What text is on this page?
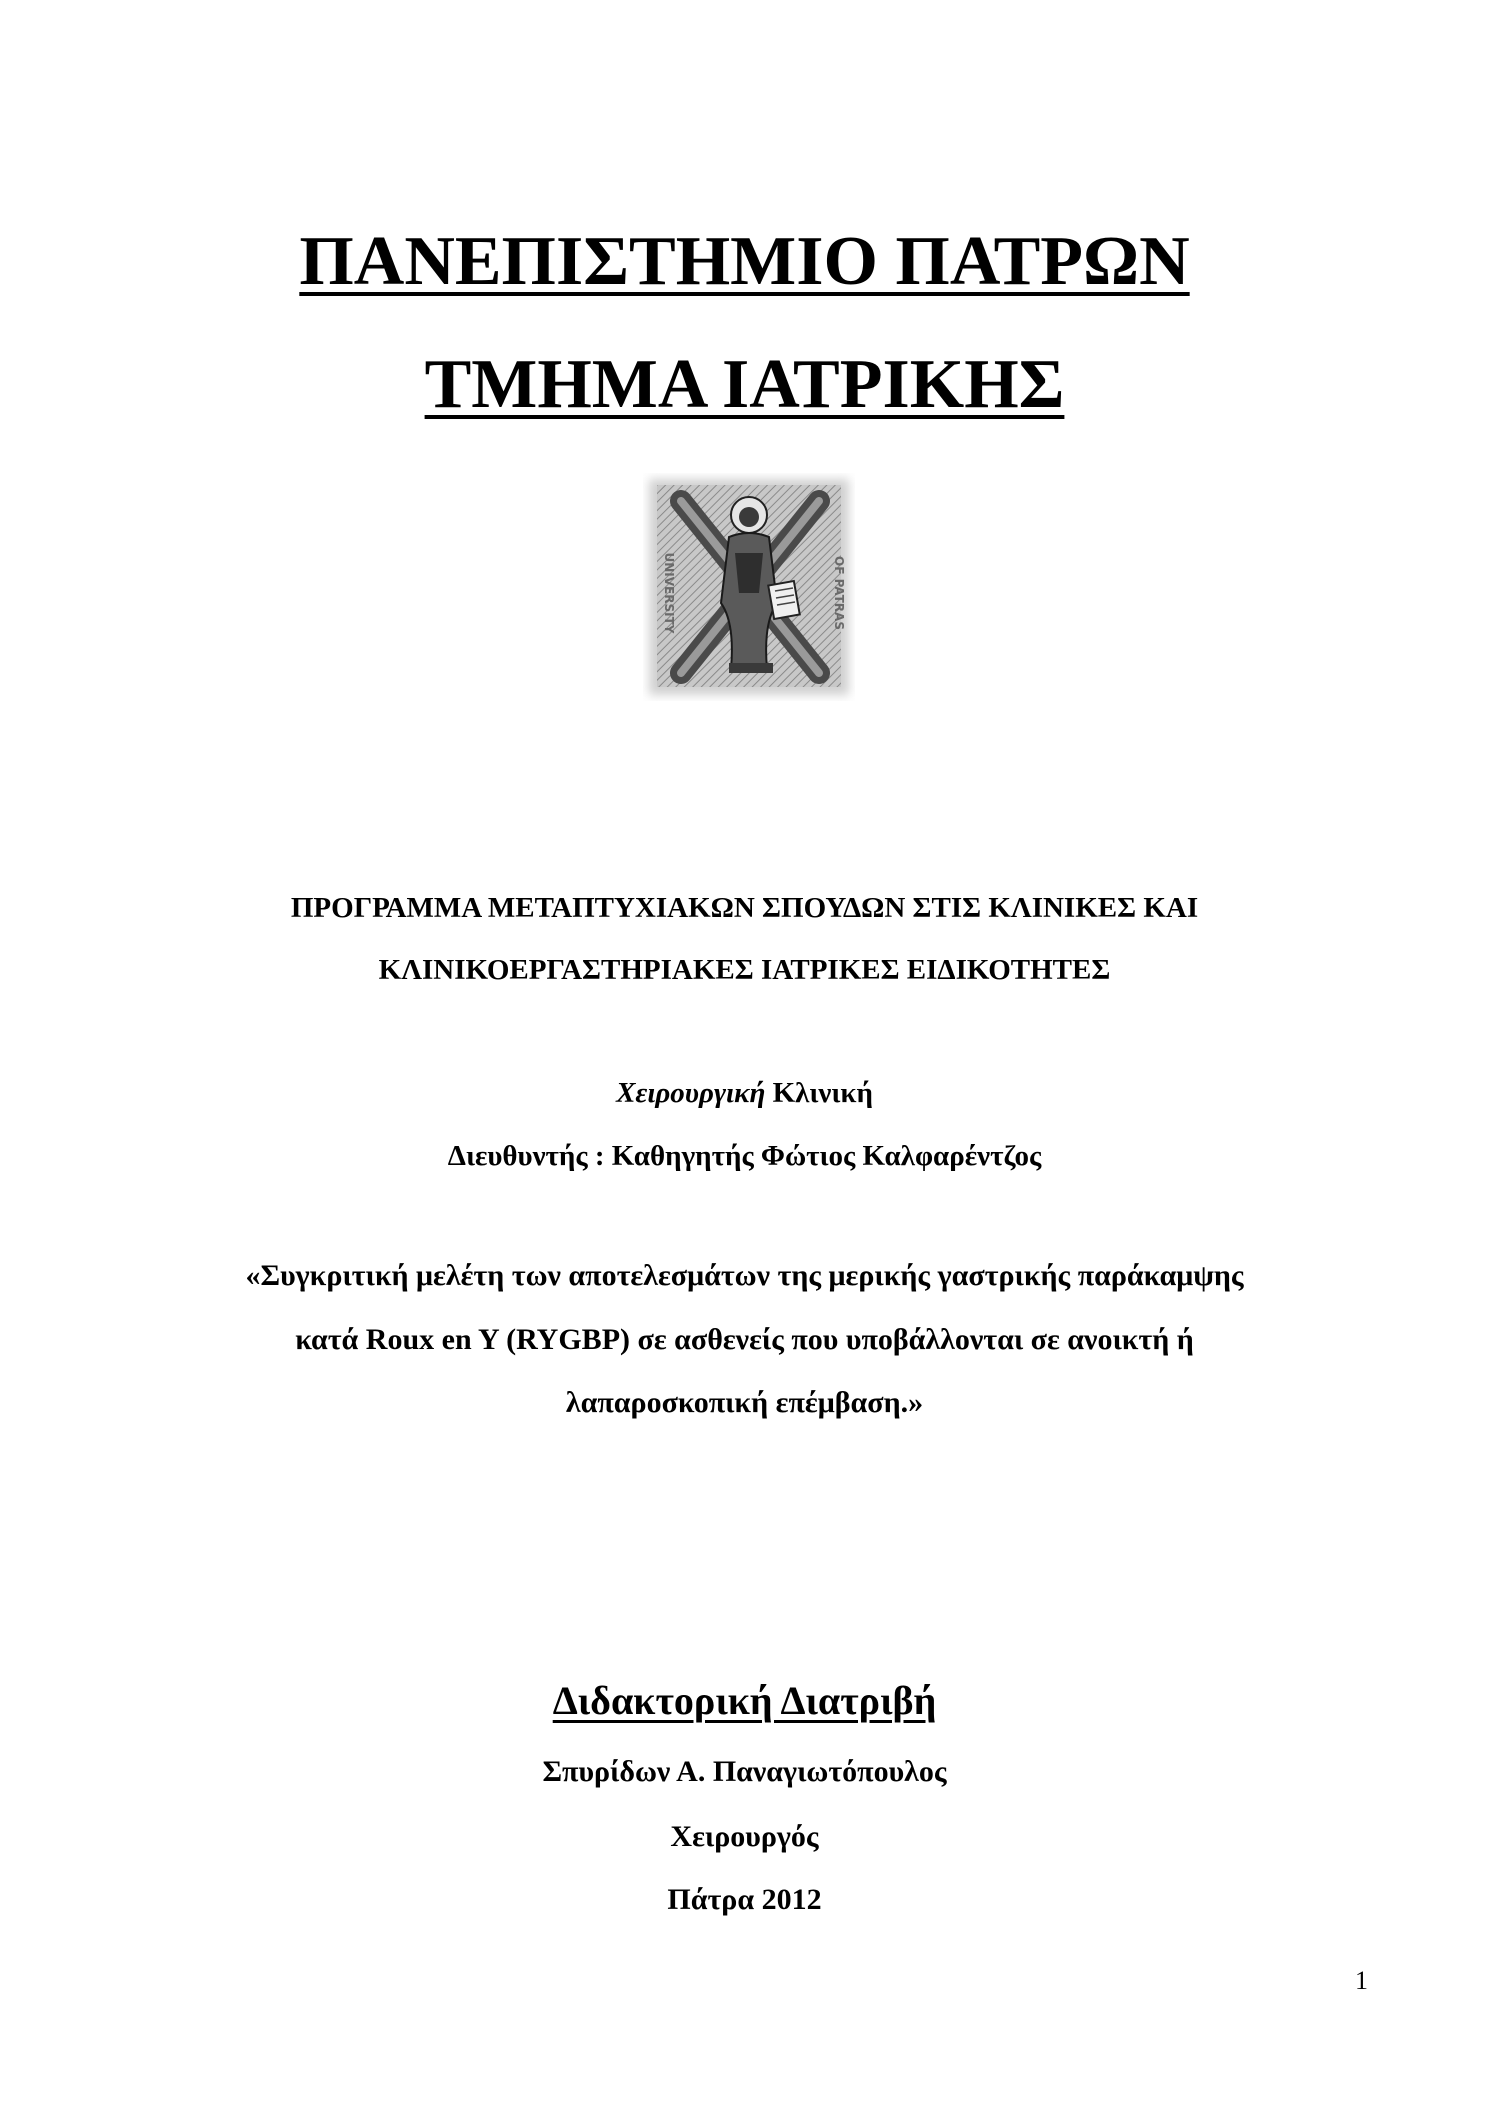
ΠΑΝΕΠΙΣΤΗΜΙΟ ΠΑΤΡΩΝ
ΤΜΗΜΑ ΙΑΤΡΙΚΗΣ
UNIVERSITY	OF PATRAS
ΠΡΟΓΡΑΜΜΑ ΜΕΤΑΠΤΥΧΙΑΚΩΝ ΣΠΟΥΔΩΝ ΣΤΙΣ ΚΛΙΝΙΚΕΣ ΚΑΙ
ΚΛΙΝΙΚΟΕΡΓΑΣΤΗΡΙΑΚΕΣ ΙΑΤΡΙΚΕΣ ΕΙΔΙΚΟΤΗΤΕΣ
Χειρουργική Κλινική
Διευθυντής : Καθηγητής Φώτιος Καλφαρέντζος
«Συγκριτική μελέτη των αποτελεσμάτων της μερικής γαστρικής παράκαμψης
κατά Roux en Y (RYGBP) σε ασθενείς που υποβάλλονται σε ανοικτή ή
λαπαροσκοπική επέμβαση.»
Διδακτορική Διατριβή
Σπυρίδων Α. Παναγιωτόπουλος
Χειρουργός
Πάτρα 2012
1
